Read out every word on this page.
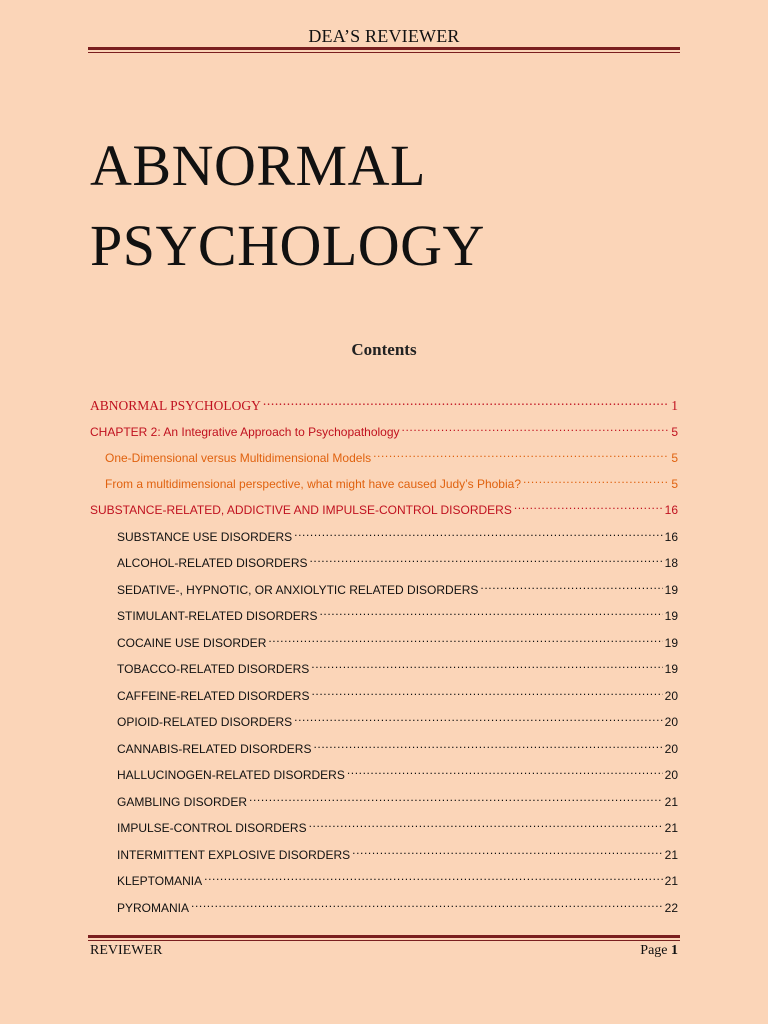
DEA’S REVIEWER
ABNORMAL
PSYCHOLOGY
Contents
ABNORMAL PSYCHOLOGY .....	1
CHAPTER 2: An Integrative Approach to Psychopathology .....	5
One-Dimensional versus Multidimensional Models .....	5
From a multidimensional perspective, what might have caused Judy’s Phobia? .....	5
SUBSTANCE-RELATED, ADDICTIVE AND IMPULSE-CONTROL DISORDERS .....	16
SUBSTANCE USE DISORDERS .....	16
ALCOHOL-RELATED DISORDERS .....	18
SEDATIVE-, HYPNOTIC, OR ANXIOLYTIC RELATED DISORDERS .....	19
STIMULANT-RELATED DISORDERS .....	19
COCAINE USE DISORDER .....	19
TOBACCO-RELATED DISORDERS .....	19
CAFFEINE-RELATED DISORDERS .....	20
OPIOID-RELATED DISORDERS .....	20
CANNABIS-RELATED DISORDERS .....	20
HALLUCINOGEN-RELATED DISORDERS .....	20
GAMBLING DISORDER .....	21
IMPULSE-CONTROL DISORDERS .....	21
INTERMITTENT EXPLOSIVE DISORDERS .....	21
KLEPTOMANIA .....	21
PYROMANIA .....	22
REVIEWER	Page 1
